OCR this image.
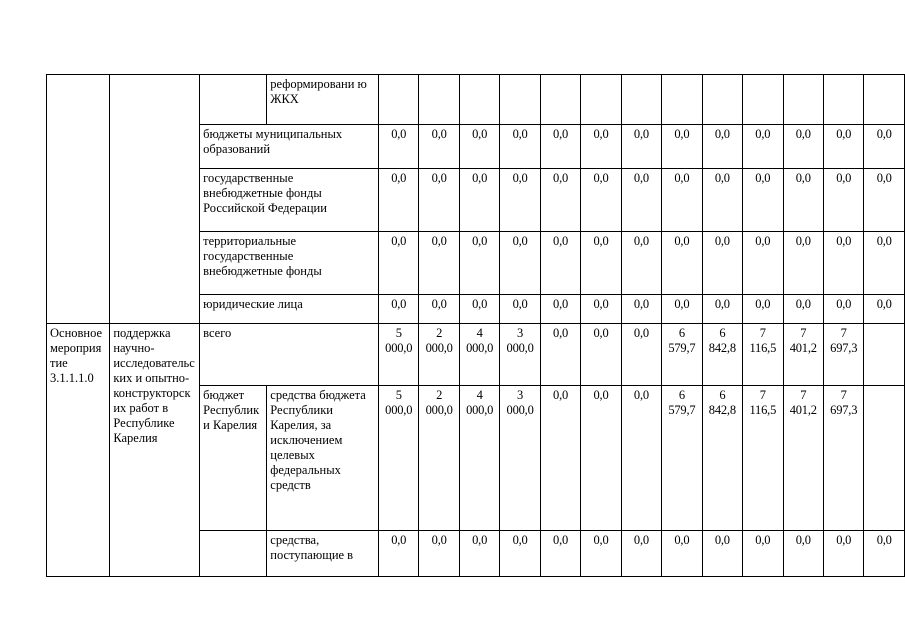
			реформировани ю ЖКХ													
		бюджеты муниципальных образований		0,0	0,0	0,0	0,0	0,0	0,0	0,0	0,0	0,0	0,0	0,0	0,0	0,0
		государственные внебюджетные фонды Российской Федерации		0,0	0,0	0,0	0,0	0,0	0,0	0,0	0,0	0,0	0,0	0,0	0,0	0,0
		территориальные государственные внебюджетные фонды		0,0	0,0	0,0	0,0	0,0	0,0	0,0	0,0	0,0	0,0	0,0	0,0	0,0
		юридические лица		0,0	0,0	0,0	0,0	0,0	0,0	0,0	0,0	0,0	0,0	0,0	0,0	0,0
Основное мероприятие 3.1.1.1.0	поддержка научно-исследовательских и опытно-конструкторских работ в Республике Карелия	всего		5 000,0	2 000,0	4 000,0	3 000,0	0,0	0,0	0,0	6 579,7	6 842,8	7 116,5	7 401,2	7 697,3	
		бюджет Республики Карелия	средства бюджета Республики Карелия, за исключением целевых федеральных средств	5 000,0	2 000,0	4 000,0	3 000,0	0,0	0,0	0,0	6 579,7	6 842,8	7 116,5	7 401,2	7 697,3	
			средства, поступающие в	0,0	0,0	0,0	0,0	0,0	0,0	0,0	0,0	0,0	0,0	0,0	0,0	0,0
